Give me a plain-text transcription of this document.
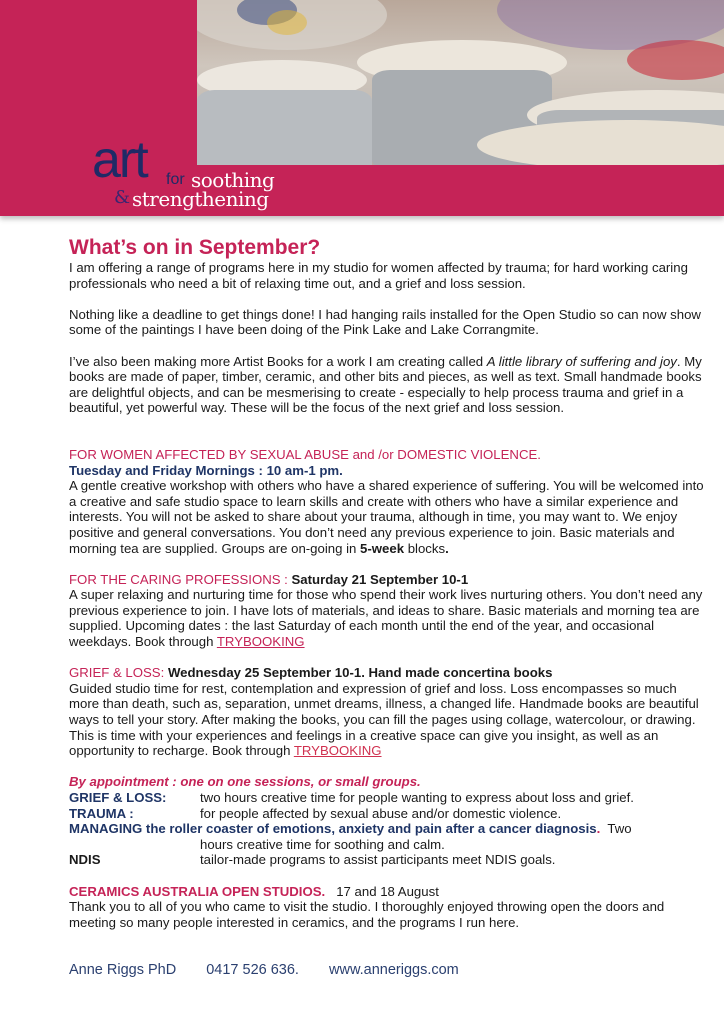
art for soothing
& strengthening
What’s on in September?

I am offering a range of programs here in my studio for women affected by trauma; for hard working caring professionals who need a bit of relaxing time out, and a grief and loss session.

Nothing like a deadline to get things done! I had hanging rails installed for the Open Studio so can now show some of the paintings I have been doing of the Pink Lake and Lake Corrangmite.

I’ve also been making more Artist Books for a work I am creating called A little library of suffering and joy. My books are made of paper, timber, ceramic, and other bits and pieces, as well as text. Small handmade books are delightful objects, and can be mesmerising to create - especially to help process trauma and grief in a beautiful, yet powerful way. These will be the focus of the next grief and loss session.

FOR WOMEN AFFECTED BY SEXUAL ABUSE and /or DOMESTIC VIOLENCE.

Tuesday and Friday Mornings : 10 am-1 pm.

A gentle creative workshop with others who have a shared experience of suffering. You will be welcomed into a creative and safe studio space to learn skills and create with others who have a similar experience and interests. You will not be asked to share about your trauma, although in time, you may want to. We enjoy positive and general conversations. You don’t need any previous experience to join. Basic materials and morning tea are supplied. Groups are on-going in 5-week blocks.

FOR THE CARING PROFESSIONS : Saturday 21 September 10-1

A super relaxing and nurturing time for those who spend their work lives nurturing others. You don’t need any previous experience to join. I have lots of materials, and ideas to share. Basic materials and morning tea are supplied. Upcoming dates : the last Saturday of each month until the end of the year, and occasional weekdays. Book through TRYBOOKING

GRIEF & LOSS: Wednesday 25 September 10-1. Hand made concertina books

Guided studio time for rest, contemplation and expression of grief and loss. Loss encompasses so much more than death, such as, separation, unmet dreams, illness, a changed life. Handmade books are beautiful ways to tell your story. After making the books, you can fill the pages using collage, watercolour, or drawing. This is time with your experiences and feelings in a creative space can give you insight, as well as an opportunity to recharge. Book through TRYBOOKING

By appointment : one on one sessions, or small groups.

GRIEF & LOSS:	two hours creative time for people wanting to express about loss and grief.
TRAUMA :	for people affected by sexual abuse and/or domestic violence.

MANAGING the roller coaster of emotions, anxiety and pain after a cancer diagnosis.  Two

hours creative time for soothing and calm.

NDIS	tailor-made programs to assist participants meet NDIS goals.

CERAMICS AUSTRALIA OPEN STUDIOS.   17 and 18 August

Thank you to all of you who came to visit the studio. I thoroughly enjoyed throwing open the doors and meeting so many people interested in ceramics, and the programs I run here.

Anne Riggs PhD 0417 526 636. www.anneriggs.com
